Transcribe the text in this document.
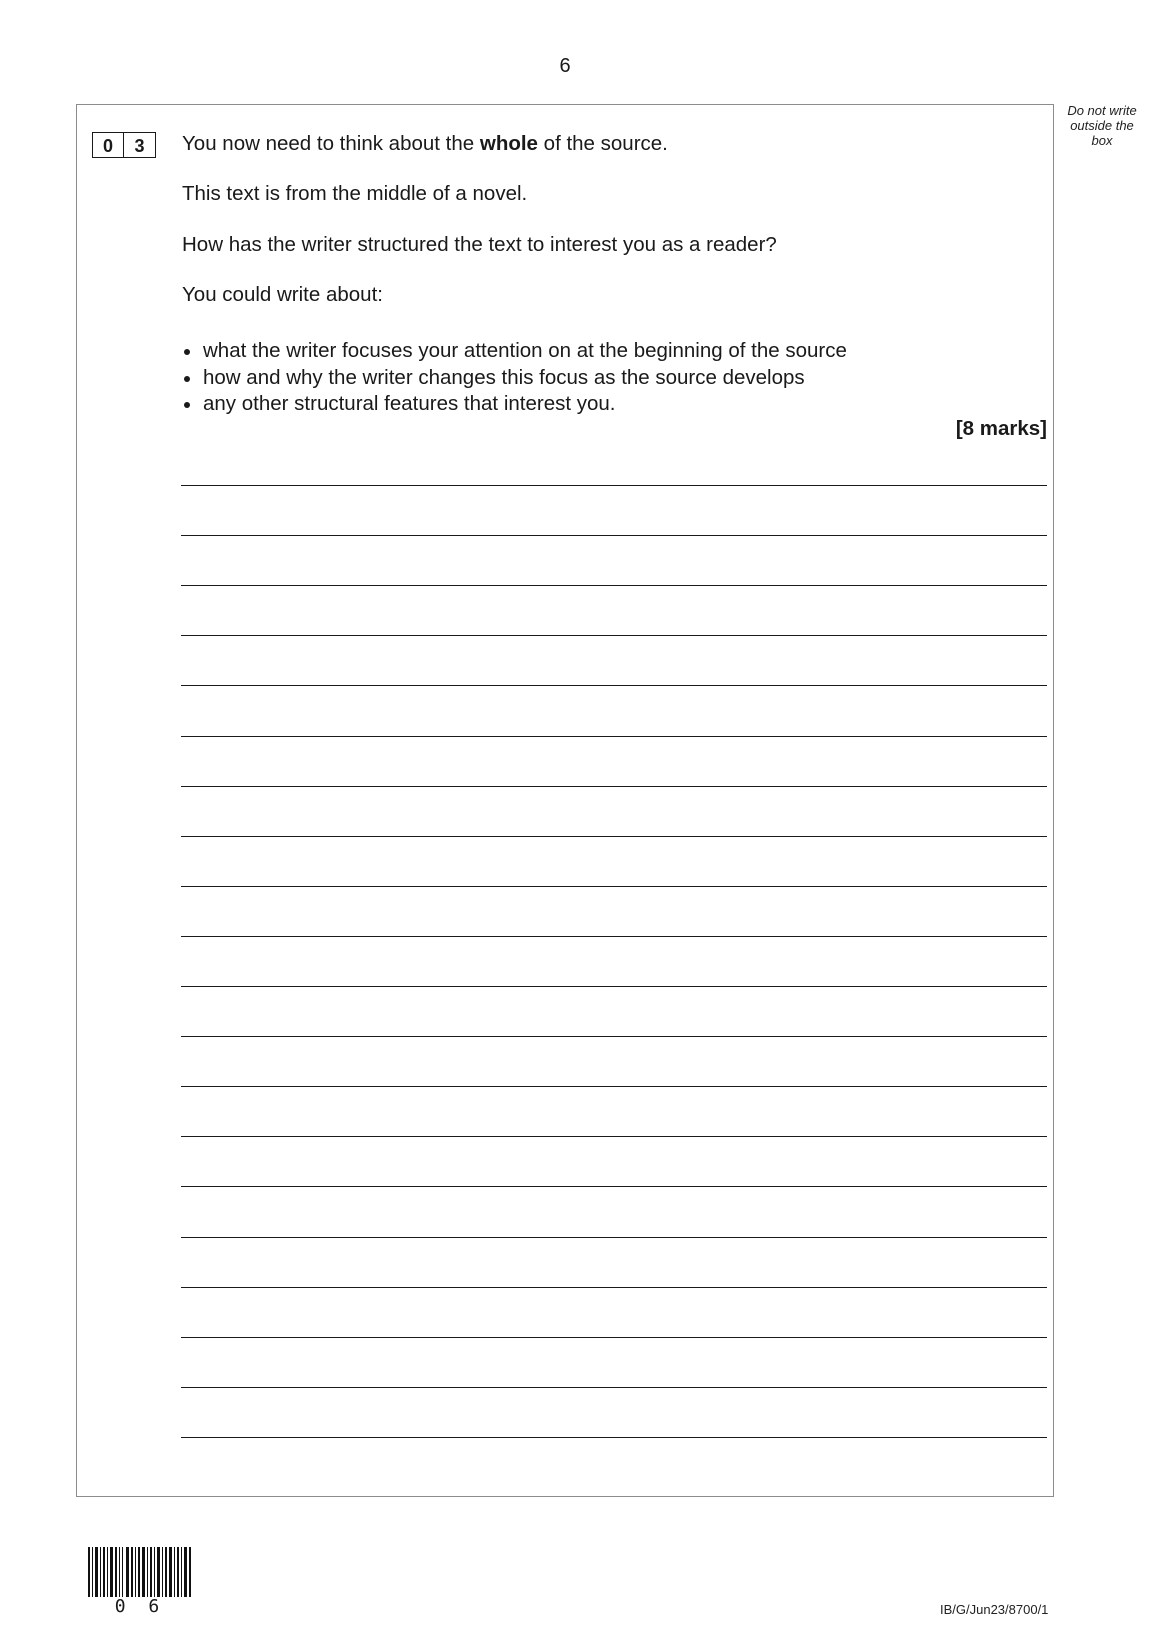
6
Do not write outside the box
0	3	You now need to think about the whole of the source.
This text is from the middle of a novel.
How has the writer structured the text to interest you as a reader?
You could write about:
what the writer focuses your attention on at the beginning of the source
how and why the writer changes this focus as the source develops
any other structural features that interest you.
[8 marks]
0 6	IB/G/Jun23/8700/1
